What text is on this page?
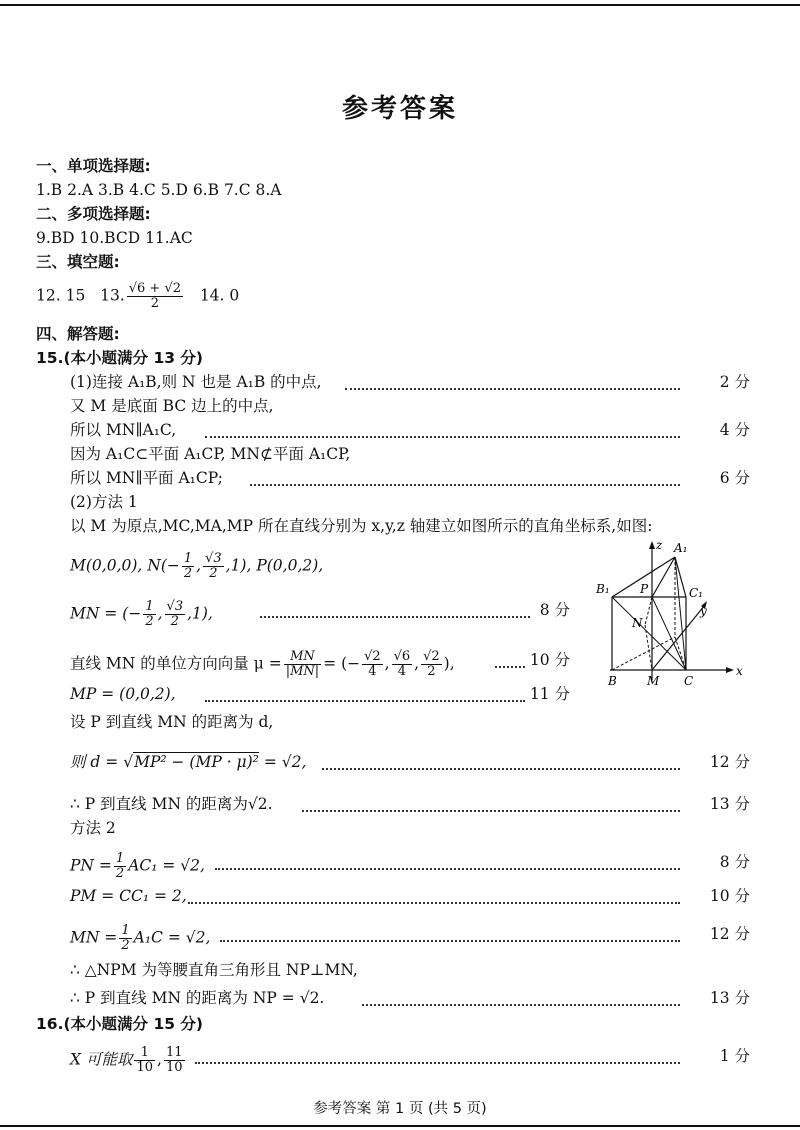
参考答案
一、单项选择题:
1.B 2.A 3.B 4.C 5.D 6.B 7.C 8.A
二、多项选择题:
9.BD 10.BCD 11.AC
三、填空题:
12. 15 13. $\frac{√6 + √2}{2} 14$. 0
四、解答题:
15.(本小题满分 13 分)
(1)连接 A₁B,则 N 也是 A₁B 的中点,	2 分
又 M 是底面 BC 边上的中点,
所以 MN∥A₁C,	4 分
因为 A₁C⊂平面 A₁CP, MN⊄平面 A₁CP,
所以 MN∥平面 A₁CP;	6 分
(2)方法 1
以 M 为原点,MC,MA,MP 所在直线分别为 x,y,z 轴建立如图所示的直角坐标系,如图:
M(0,0,0), $N(- \frac{1}{2}$ , $\frac{√3}{2} ,1$), P(0,0,2),
MN = (− $\frac{1}{2}$ , $\frac{√3}{2} ,1$),	8 分
直线 MN 的单位方向向量 $\mu = \frac{MN}{|MN|}$ = (− $\frac{√2}{4}$ , $\frac{√6}{4}$ , $\frac{√2}{2}$ ),	10 分
MP = (0,0,2),	11 分
设 P 到直线 MN 的距离为 d,
则 d = √MP² − (MP · μ)² = √2,	12 分
∴ P 到直线 MN 的距离为√2.	13 分
方法 2
PN = $\frac{1}{2} AC_1 = √2$,	8 分
PM = CC₁ = 2,	10 分
MN = $\frac{1}{2} A_1C = √2$,	12 分
∴ △NPM 为等腰直角三角形且 NP⊥MN,
∴ P 到直线 MN 的距离为 NP = √2.	13 分
16.(本小题满分 15 分)
X 可能取 $\frac{1}{10}$ , $\frac{11}{10}$	1 分
z A₁
B₁	P	C₁
y
N
B	M C
x
参考答案 第 1 页 (共 5 页)
